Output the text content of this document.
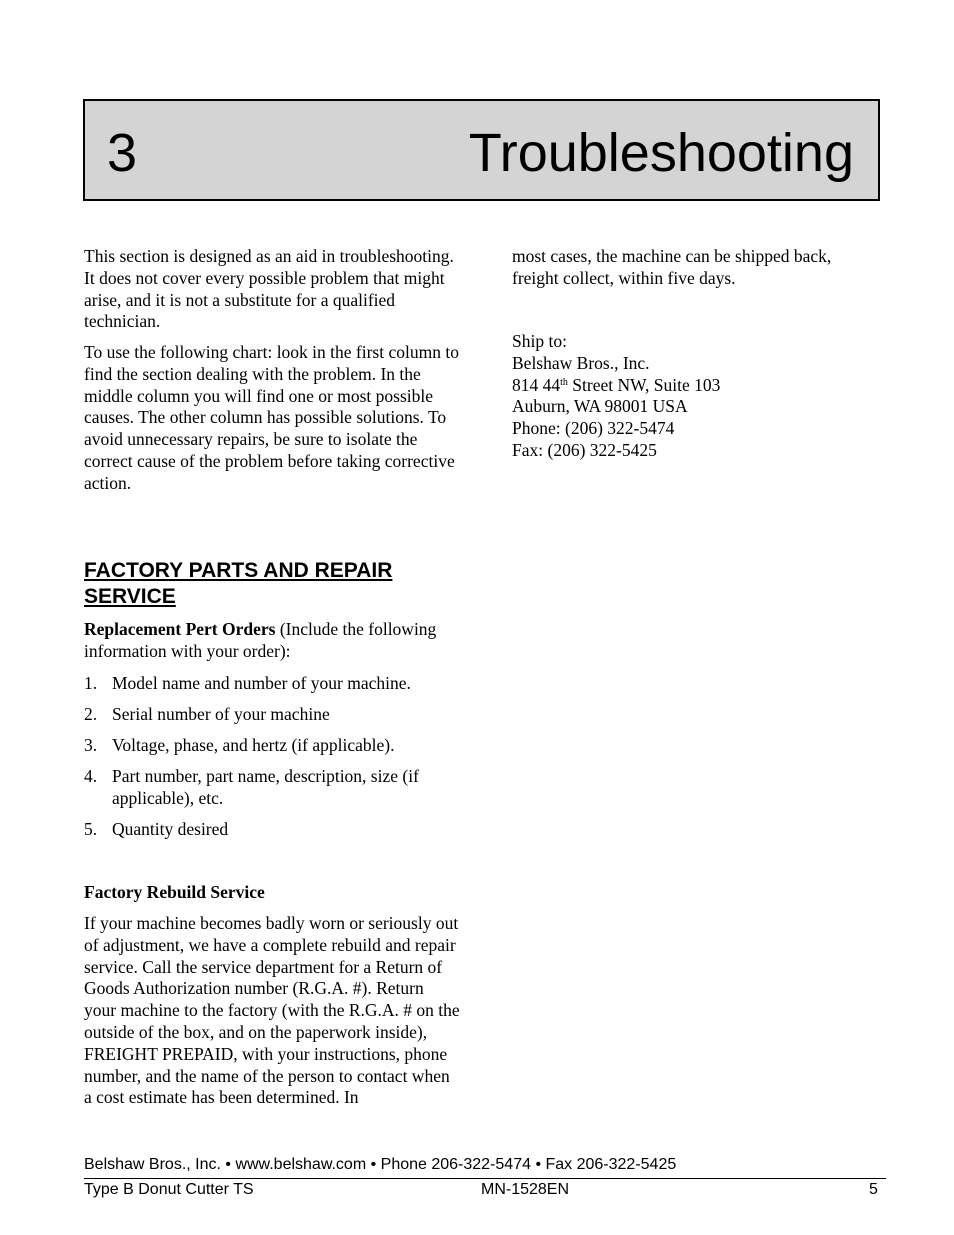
3	Troubleshooting

This section is designed as an aid in troubleshooting. It does not cover every possible problem that might arise, and it is not a substitute for a qualified technician.

To use the following chart: look in the first column to find the section dealing with the problem. In the middle column you will find one or most possible causes. The other column has possible solutions. To avoid unnecessary repairs, be sure to isolate the correct cause of the problem before taking corrective action.

FACTORY PARTS AND REPAIR
SERVICE

Replacement Pert Orders (Include the following information with your order):

1. Model name and number of your machine.
2. Serial number of your machine
3. Voltage, phase, and hertz (if applicable).
4. Part number, part name, description, size (if applicable), etc.
5. Quantity desired

Factory Rebuild Service

If your machine becomes badly worn or seriously out of adjustment, we have a complete rebuild and repair service. Call the service department for a Return of Goods Authorization number (R.G.A. #). Return your machine to the factory (with the R.G.A. # on the outside of the box, and on the paperwork inside), FREIGHT PREPAID, with your instructions, phone number, and the name of the person to contact when a cost estimate has been determined. In

most cases, the machine can be shipped back, freight collect, within five days.

Ship to:
Belshaw Bros., Inc.
814 44th Street NW, Suite 103
Auburn, WA 98001 USA
Phone: (206) 322-5474
Fax: (206) 322-5425
Belshaw Bros., Inc. • www.belshaw.com • Phone 206-322-5474 • Fax 206-322-5425
Type B Donut Cutter TS	MN-1528EN	5
